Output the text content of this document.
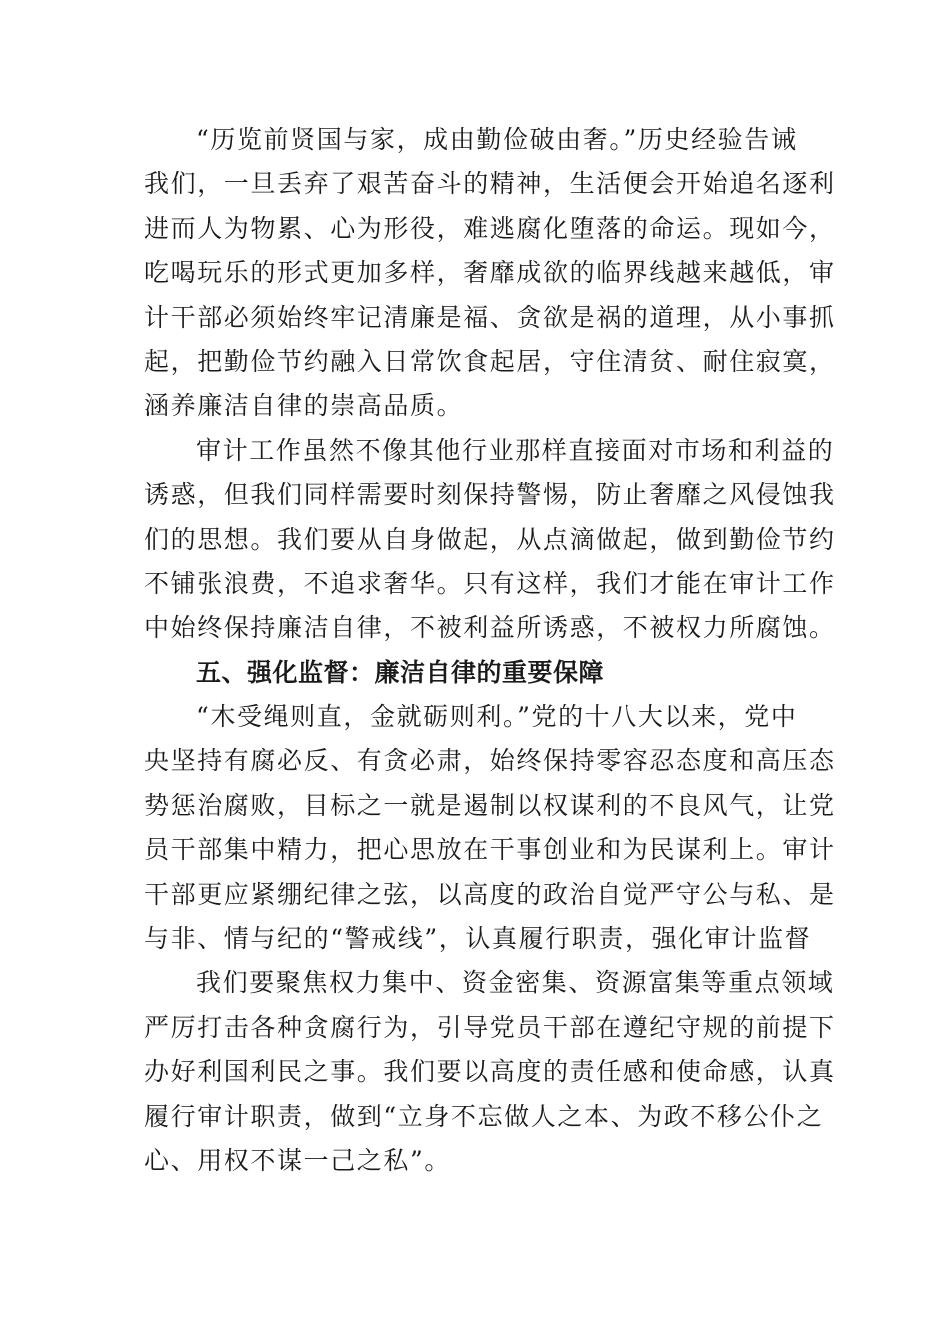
“历览前贤国与家，成由勤俭破由奢。”历史经验告诫
我们，一旦丢弃了艰苦奋斗的精神，生活便会开始追名逐利
进而人为物累、心为形役，难逃腐化堕落的命运。现如今，
吃喝玩乐的形式更加多样，奢靡成欲的临界线越来越低，审
计干部必须始终牢记清廉是福、贪欲是祸的道理，从小事抓
起，把勤俭节约融入日常饮食起居，守住清贫、耐住寂寞，
涵养廉洁自律的崇高品质。
审计工作虽然不像其他行业那样直接面对市场和利益的
诱惑，但我们同样需要时刻保持警惕，防止奢靡之风侵蚀我
们的思想。我们要从自身做起，从点滴做起，做到勤俭节约
不铺张浪费，不追求奢华。只有这样，我们才能在审计工作
中始终保持廉洁自律，不被利益所诱惑，不被权力所腐蚀。
五、强化监督：廉洁自律的重要保障
“木受绳则直，金就砺则利。”党的十八大以来，党中
央坚持有腐必反、有贪必肃，始终保持零容忍态度和高压态
势惩治腐败，目标之一就是遏制以权谋利的不良风气，让党
员干部集中精力，把心思放在干事创业和为民谋利上。审计
干部更应紧绷纪律之弦，以高度的政治自觉严守公与私、是
与非、情与纪的“警戒线”，认真履行职责，强化审计监督
我们要聚焦权力集中、资金密集、资源富集等重点领域
严厉打击各种贪腐行为，引导党员干部在遵纪守规的前提下
办好利国利民之事。我们要以高度的责任感和使命感，认真
履行审计职责，做到“立身不忘做人之本、为政不移公仆之
心、用权不谋一己之私”。
